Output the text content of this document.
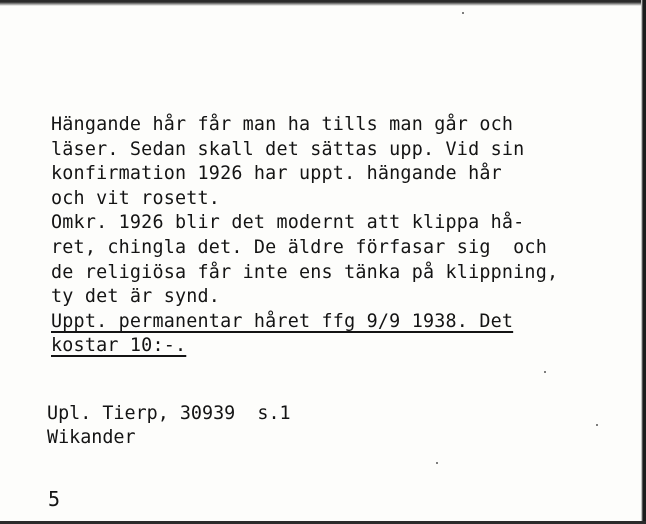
Hängande hår får man ha tills man går och
läser. Sedan skall det sättas upp. Vid sin
konfirmation 1926 har uppt. hängande hår
och vit rosett.
Omkr. 1926 blir det modernt att klippa hå-
ret, chingla det. De äldre förfasar sig  och
de religiösa får inte ens tänka på klippning,
ty det är synd.
Uppt. permanentar håret ffg 9/9 1938. Det
kostar 10:-.
Upl. Tierp, 30939  s.1
Wikander
5
